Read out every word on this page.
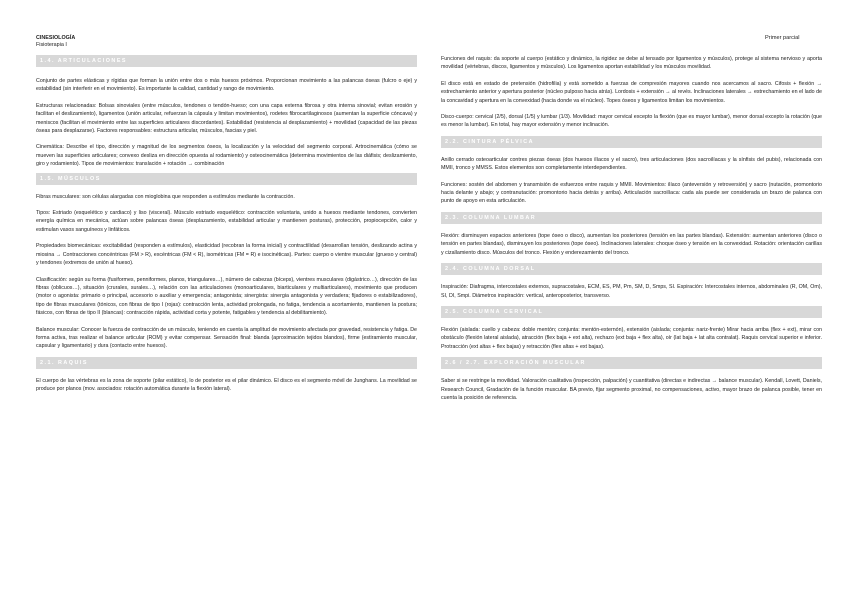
CINESIOLOGÍA
Fisioterapia I
Primer parcial
1.4. ARTICULACIONES

Conjunto de partes elásticas y rígidas que forman la unión entre dos o más huesos próximos. Proporcionan movimiento a las palancas óseas (fulcro o eje) y estabilidad (sin interferir en el movimiento). Es importante la calidad, cantidad y rango de movimiento.

Estructuras relacionadas: Bolsas sinoviales (entre músculos, tendones o tendón-hueso; con una capa externa fibrosa y otra interna sinovial; evitan erosión y facilitan el deslizamiento), ligamentos (unión articular, refuerzan la cápsula y limitan movimientos), rodetes fibrocartilaginosos (aumentan la superficie cóncava) y meniscos (facilitan el movimiento entre las superficies articulares discordantes). Estabilidad (resistencia al desplazamiento) + movilidad (capacidad de las piezas óseas para desplazarse). Factores responsables: estructura articular, músculos, fascias y piel.

Cinemática: Describe el tipo, dirección y magnitud de los segmentos óseos, la localización y la velocidad del segmento corporal. Artrocinemática (cómo se mueven las superficies articulares; convexo desliza en dirección opuesta al rodamiento) y osteocinemática (determina movimientos de las diáfisis; deslizamiento, giro y rodamiento). Tipos de movimientos: translación + rotación → combinación

1.5. MÚSCULOS

Fibras musculares: son células alargadas con mioglobina que responden a estímulos mediante la contracción.

Tipos: Estriado (esquelético y cardiaco) y liso (visceral). Músculo estriado esquelético: contracción voluntaria, unido a huesos mediante tendones, convierten energía química en mecánica, actúan sobre palancas óseas (desplazamiento, estabilidad articular y mantienen posturas), protección, propiocepción, calor y estimulan vasos sanguíneos y linfáticos.

Propiedades biomecánicas: excitabilidad (responden a estímulos), elasticidad (recobran la forma inicial) y contractilidad (desarrollan tensión, deslizando actina y miosina → Contracciones concéntricas (FM > R), excéntricas (FM < R), isométricas (FM = R) e isocinéticas). Partes: cuerpo o vientre muscular (grueso y central) y tendones (extremos de unión al hueso).

Clasificación: según su forma (fusiformes, penniformes, planos, triangulares…), número de cabezas (bíceps), vientres musculares (digástrico…), dirección de las fibras (oblicuos…), situación (crurales, surales…), relación con las articulaciones (monoarticulares, biarticulares y multiarticulares), movimiento que producen (motor o agonista: primario o principal, accesorio o auxiliar y emergencia; antagonista; sinergista: sinergia antagonista y verdadera; fijadores o estabilizadores), tipo de fibras musculares (tónicos, con fibras de tipo I (rojas): contracción lenta, actividad prolongada, no fatiga, tendencia a acortamiento, mantienen la postura; fásicos, con fibras de tipo II (blancas): contracción rápida, actividad corta y potente, fatigables y tendencia al debilitamiento).

Balance muscular: Conocer la fuerza de contracción de un músculo, teniendo en cuenta la amplitud de movimiento afectada por gravedad, resistencia y fatiga. De forma activa, tras realizar el balance articular (ROM) y evitar compensar. Sensación final: blanda (aproximación tejidos blandos), firme (estiramiento muscular, capsular y ligamentario) y dura (contacto entre huesos).

2.1. RAQUIS

El cuerpo de las vértebras es la zona de soporte (pilar estático), lo de posterior es el pilar dinámico. El disco es el segmento móvil de Junghans. La movilidad se produce por planos (mov. asociados: rotación automática durante la flexión lateral).

Funciones del raquis: da soporte al cuerpo (estático y dinámico, la rigidez se debe al tensado por ligamentos y músculos), protege al sistema nervioso y aporta movilidad (vértebras, discos, ligamentos y músculos). Los ligamentos aportan estabilidad y los músculos movilidad.

El disco está en estado de pretensión (hidrofilia) y está sometido a fuerzas de compresión mayores cuando nos acercamos al sacro. Cifosis + flexión → estrechamiento anterior y apertura posterior (núcleo pulposo hacia atrás). Lordosis + extensión → al revés. Inclinaciones laterales → estrechamiento en el lado de la concavidad y apertura en la convexidad (hacia donde va el núcleo). Topes óseos y ligamentos limitan los movimientos.

Disco-cuerpo: cervical (2/5), dorsal (1/5) y lumbar (1/3). Movilidad: mayor cervical excepto la flexión (que es mayor lumbar), menor dorsal excepto la rotación (que es menor la lumbar). En total, hay mayor extensión y menor inclinación.

2.2. CINTURA PÉLVICA

Anillo cerrado osteoarticular contres piezas óseas (dos huesos ilíacos y el sacro), tres articulaciones (dos sacroilíacas y la sínfisis del pubis), relacionada con MMII, tronco y MMSS. Estos elementos son completamente interdependientes.

Funciones: sostén del abdomen y transmisión de esfuerzos entre raquis y MMII. Movimientos: ilíaco (anteversión y retroversión) y sacro (nutación, promontorio hacia delante y abajo; y contranutación: promontorio hacia detrás y arriba). Articulación sacroilíaca: cada ala puede ser considerada un brazo de palanca con punto de apoyo en esta articulación.

2.3. COLUMNA LUMBAR

Flexión: disminuyen espacios anteriores (tope óseo o disco), aumentan los posteriores (tensión en las partes blandas). Extensión: aumentan anteriores (disco o tensión en partes blandas), disminuyen los posteriores (tope óseo). Inclinaciones laterales: choque óseo y tensión en la convexidad. Rotación: orientación carillas y cizallamiento disco. Músculos del tronco. Flexión y enderezamiento del tronco.

2.4. COLUMNA DORSAL

Inspiración: Diafragma, intercostales externos, supracostales, ECM, ES, PM, Pm, SM, D, Smps, SI. Espiración: Intercostales internos, abdominales (R, OM, Om), SI, DI, Smpi. Diámetros inspiración: vertical, anteroposterior, transverso.

2.5. COLUMNA CERVICAL

Flexión (aislada: cuello y cabeza: doble mentón; conjunta: mentón-esternón), extensión (aislada; conjunta: nariz-frente) Mirar hacia arriba (flex + ext), mirar con obstáculo (flexión lateral aislada), atracción (flex baja + ext alta), rechazo (ext baja + flex alta), oír (lat baja + lat alta contralat). Raquis cervical superior e inferior. Protracción (ext altas + flex bajas) y retracción (flex altas + ext bajas).

2.6 / 2.7. EXPLORACIÓN MUSCULAR

Saber si se restringe la movilidad. Valoración cualitativa (inspección, palpación) y cuantitativa (directas e indirectas → balance muscular). Kendall, Lovett, Daniels, Research Council, Gradación de la función muscular. BA previo, fijar segmento proximal, no compensaciones, activo, mayor brazo de palanca posible, tener en cuenta la posición de referencia.
